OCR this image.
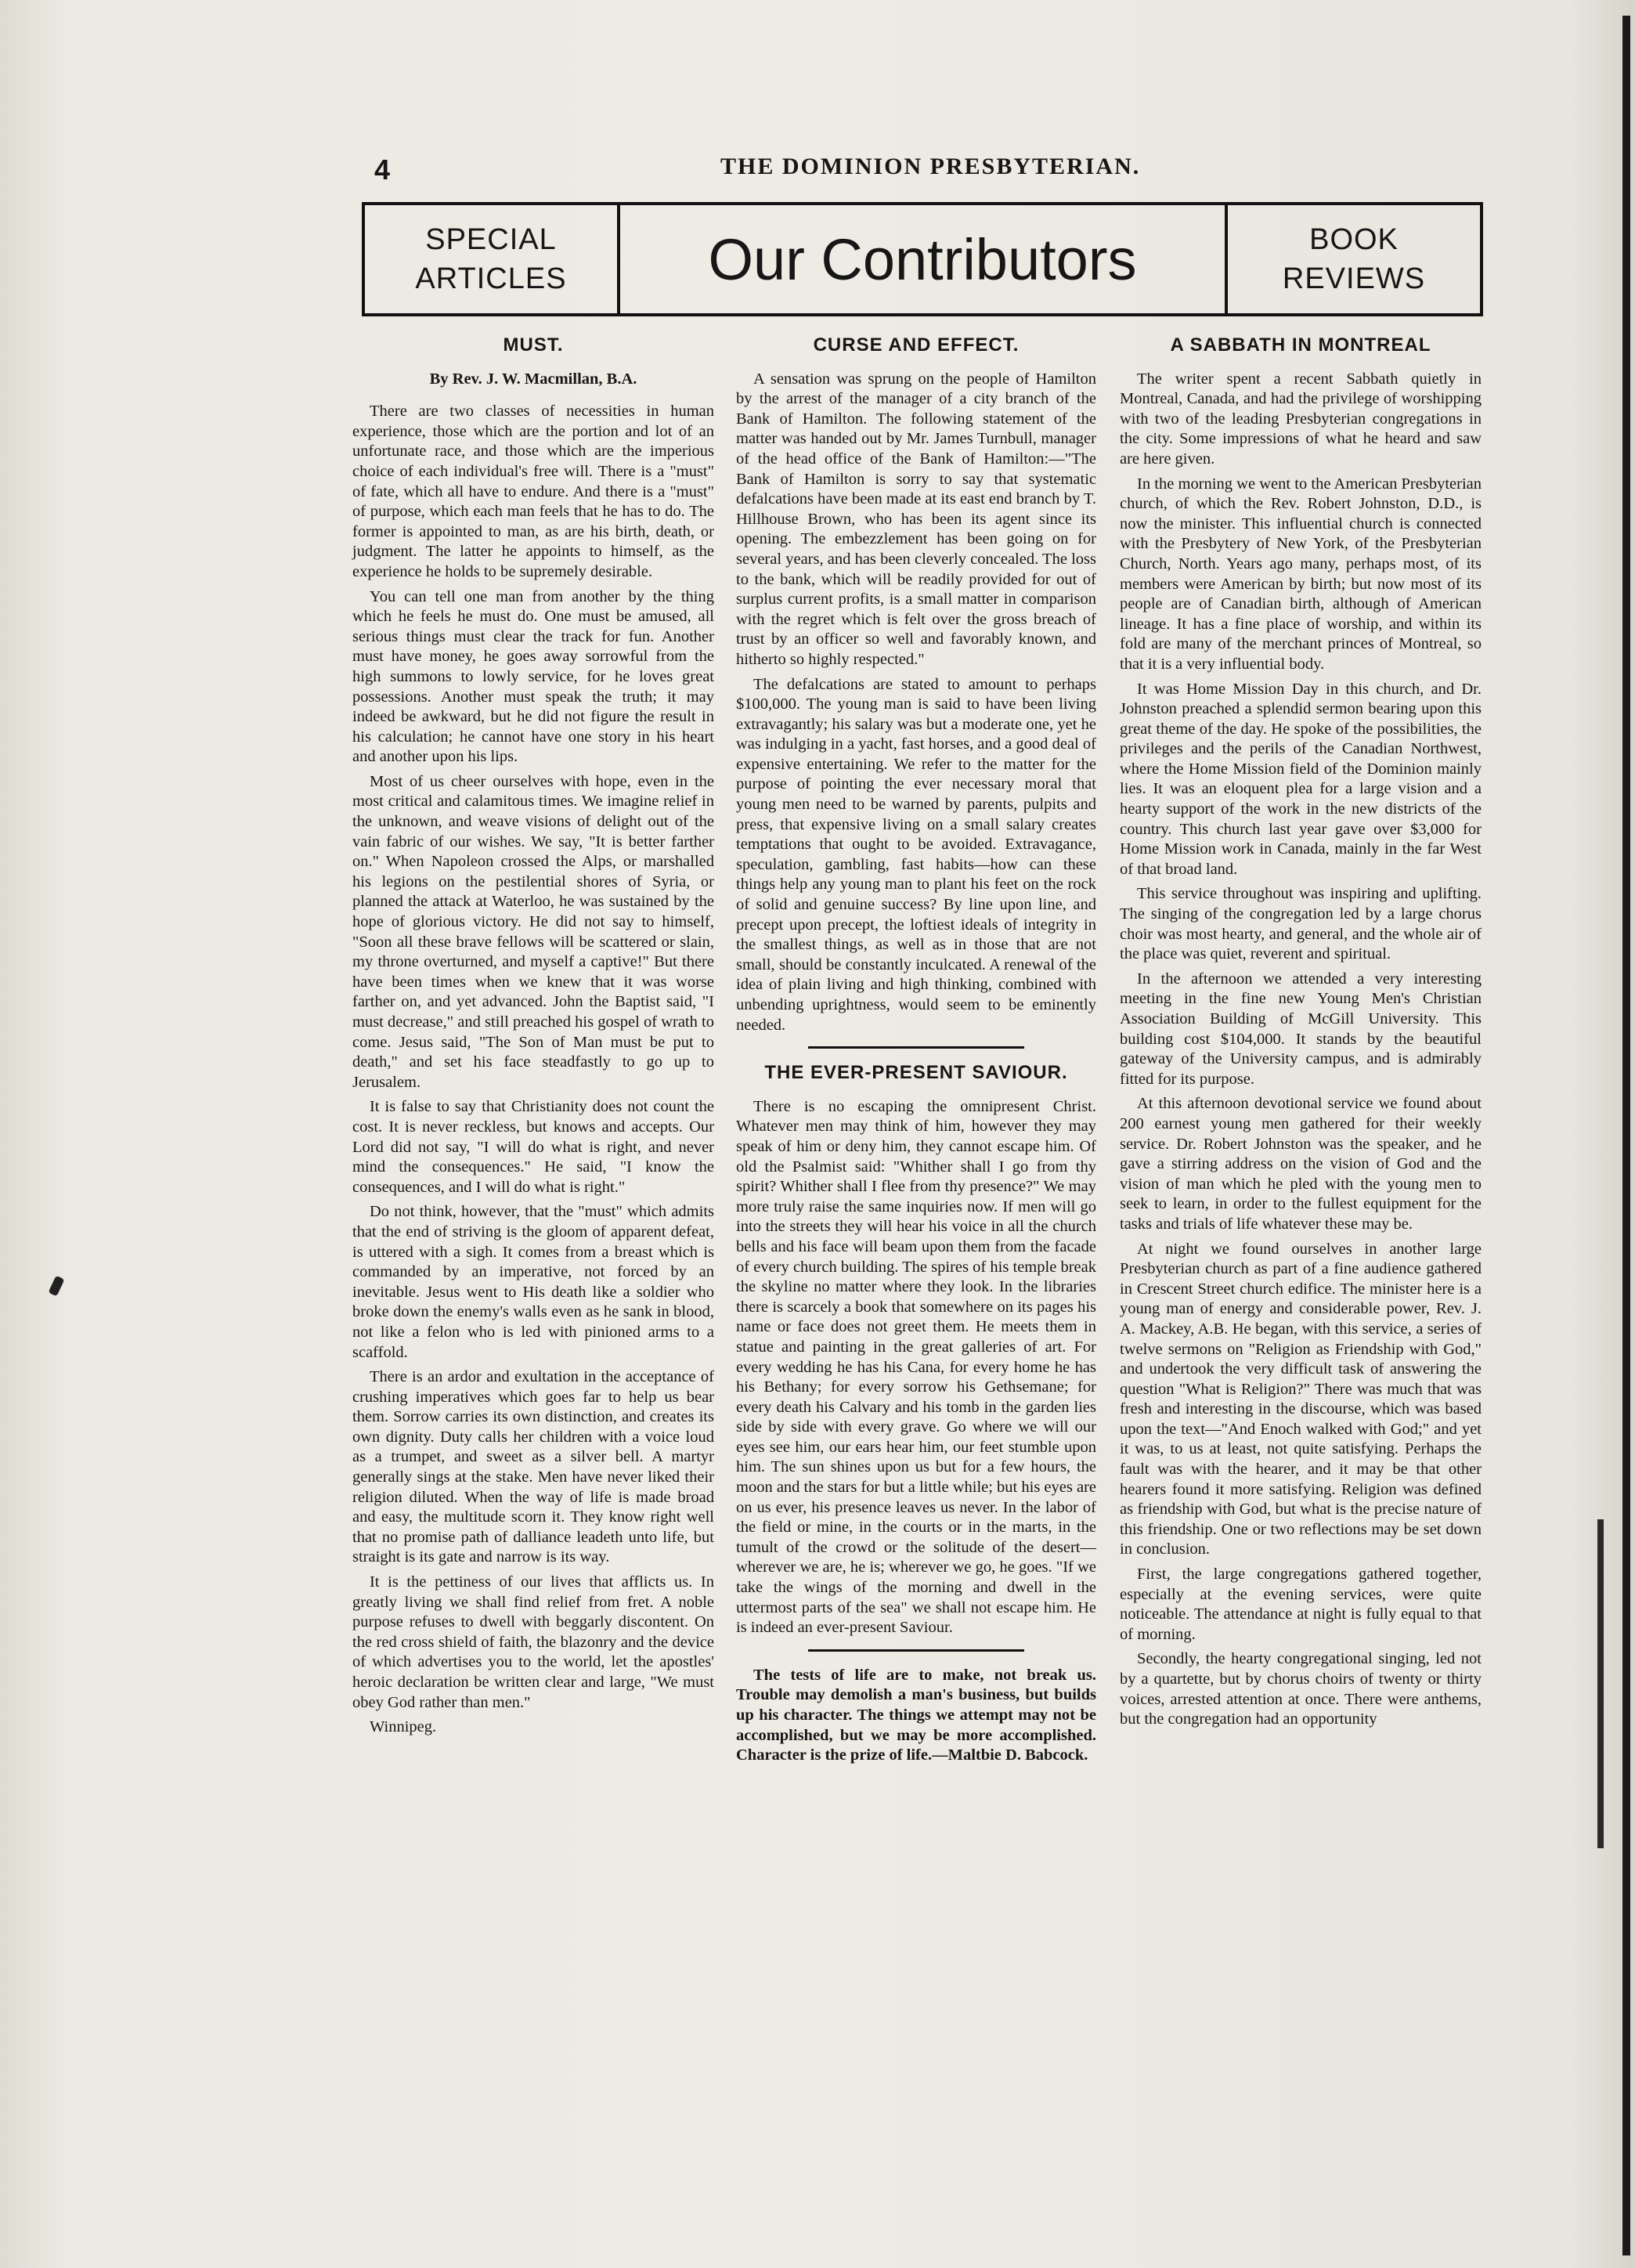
4	THE DOMINION PRESBYTERIAN.
SPECIAL
ARTICLES	Our Contributors	BOOK
REVIEWS
MUST.
By Rev. J. W. Macmillan, B.A.

There are two classes of necessities in human experience, those which are the portion and lot of an unfortunate race, and those which are the imperious choice of each individual's free will. There is a "must" of fate, which all have to endure. And there is a "must" of purpose, which each man feels that he has to do. The former is appointed to man, as are his birth, death, or judgment. The latter he appoints to himself, as the experience he holds to be supremely desirable.

You can tell one man from another by the thing which he feels he must do. One must be amused, all serious things must clear the track for fun. Another must have money, he goes away sorrowful from the high summons to lowly service, for he loves great possessions. Another must speak the truth; it may indeed be awkward, but he did not figure the result in his calculation; he cannot have one story in his heart and another upon his lips.

Most of us cheer ourselves with hope, even in the most critical and calamitous times. We imagine relief in the unknown, and weave visions of delight out of the vain fabric of our wishes. We say, "It is better farther on." When Napoleon crossed the Alps, or marshalled his legions on the pestilential shores of Syria, or planned the attack at Waterloo, he was sustained by the hope of glorious victory. He did not say to himself, "Soon all these brave fellows will be scattered or slain, my throne overturned, and myself a captive!" But there have been times when we knew that it was worse farther on, and yet advanced. John the Baptist said, "I must decrease," and still preached his gospel of wrath to come. Jesus said, "The Son of Man must be put to death," and set his face steadfastly to go up to Jerusalem.

It is false to say that Christianity does not count the cost. It is never reckless, but knows and accepts. Our Lord did not say, "I will do what is right, and never mind the consequences." He said, "I know the consequences, and I will do what is right."

Do not think, however, that the "must" which admits that the end of striving is the gloom of apparent defeat, is uttered with a sigh. It comes from a breast which is commanded by an imperative, not forced by an inevitable. Jesus went to His death like a soldier who broke down the enemy's walls even as he sank in blood, not like a felon who is led with pinioned arms to a scaffold.

There is an ardor and exultation in the acceptance of crushing imperatives which goes far to help us bear them. Sorrow carries its own distinction, and creates its own dignity. Duty calls her children with a voice loud as a trumpet, and sweet as a silver bell. A martyr generally sings at the stake. Men have never liked their religion diluted. When the way of life is made broad and easy, the multitude scorn it. They know right well that no promise path of dalliance leadeth unto life, but straight is its gate and narrow is its way.

It is the pettiness of our lives that afflicts us. In greatly living we shall find relief from fret. A noble purpose refuses to dwell with beggarly discontent. On the red cross shield of faith, the blazonry and the device of which advertises you to the world, let the apostles' heroic declaration be written clear and large, "We must obey God rather than men."

Winnipeg.

CURSE AND EFFECT.

A sensation was sprung on the people of Hamilton by the arrest of the manager of a city branch of the Bank of Hamilton. The following statement of the matter was handed out by Mr. James Turnbull, manager of the head office of the Bank of Hamilton:—"The Bank of Hamilton is sorry to say that systematic defalcations have been made at its east end branch by T. Hillhouse Brown, who has been its agent since its opening. The embezzlement has been going on for several years, and has been cleverly concealed. The loss to the bank, which will be readily provided for out of surplus current profits, is a small matter in comparison with the regret which is felt over the gross breach of trust by an officer so well and favorably known, and hitherto so highly respected."

The defalcations are stated to amount to perhaps $100,000. The young man is said to have been living extravagantly; his salary was but a moderate one, yet he was indulging in a yacht, fast horses, and a good deal of expensive entertaining. We refer to the matter for the purpose of pointing the ever necessary moral that young men need to be warned by parents, pulpits and press, that expensive living on a small salary creates temptations that ought to be avoided. Extravagance, speculation, gambling, fast habits—how can these things help any young man to plant his feet on the rock of solid and genuine success? By line upon line, and precept upon precept, the loftiest ideals of integrity in the smallest things, as well as in those that are not small, should be constantly inculcated. A renewal of the idea of plain living and high thinking, combined with unbending uprightness, would seem to be eminently needed.

THE EVER-PRESENT SAVIOUR.

There is no escaping the omnipresent Christ. Whatever men may think of him, however they may speak of him or deny him, they cannot escape him. Of old the Psalmist said: "Whither shall I go from thy spirit? Whither shall I flee from thy presence?" We may more truly raise the same inquiries now. If men will go into the streets they will hear his voice in all the church bells and his face will beam upon them from the facade of every church building. The spires of his temple break the skyline no matter where they look. In the libraries there is scarcely a book that somewhere on its pages his name or face does not greet them. He meets them in statue and painting in the great galleries of art. For every wedding he has his Cana, for every home he has his Bethany; for every sorrow his Gethsemane; for every death his Calvary and his tomb in the garden lies side by side with every grave. Go where we will our eyes see him, our ears hear him, our feet stumble upon him. The sun shines upon us but for a few hours, the moon and the stars for but a little while; but his eyes are on us ever, his presence leaves us never. In the labor of the field or mine, in the courts or in the marts, in the tumult of the crowd or the solitude of the desert—wherever we are, he is; wherever we go, he goes. "If we take the wings of the morning and dwell in the uttermost parts of the sea" we shall not escape him. He is indeed an ever-present Saviour.

The tests of life are to make, not break us. Trouble may demolish a man's business, but builds up his character. The things we attempt may not be accomplished, but we may be more accomplished. Character is the prize of life.—Maltbie D. Babcock.

A SABBATH IN MONTREAL

The writer spent a recent Sabbath quietly in Montreal, Canada, and had the privilege of worshipping with two of the leading Presbyterian congregations in the city. Some impressions of what he heard and saw are here given.

In the morning we went to the American Presbyterian church, of which the Rev. Robert Johnston, D.D., is now the minister. This influential church is connected with the Presbytery of New York, of the Presbyterian Church, North. Years ago many, perhaps most, of its members were American by birth; but now most of its people are of Canadian birth, although of American lineage. It has a fine place of worship, and within its fold are many of the merchant princes of Montreal, so that it is a very influential body.

It was Home Mission Day in this church, and Dr. Johnston preached a splendid sermon bearing upon this great theme of the day. He spoke of the possibilities, the privileges and the perils of the Canadian Northwest, where the Home Mission field of the Dominion mainly lies. It was an eloquent plea for a large vision and a hearty support of the work in the new districts of the country. This church last year gave over $3,000 for Home Mission work in Canada, mainly in the far West of that broad land.

This service throughout was inspiring and uplifting. The singing of the congregation led by a large chorus choir was most hearty, and general, and the whole air of the place was quiet, reverent and spiritual.

In the afternoon we attended a very interesting meeting in the fine new Young Men's Christian Association Building of McGill University. This building cost $104,000. It stands by the beautiful gateway of the University campus, and is admirably fitted for its purpose.

At this afternoon devotional service we found about 200 earnest young men gathered for their weekly service. Dr. Robert Johnston was the speaker, and he gave a stirring address on the vision of God and the vision of man which he pled with the young men to seek to learn, in order to the fullest equipment for the tasks and trials of life whatever these may be.

At night we found ourselves in another large Presbyterian church as part of a fine audience gathered in Crescent Street church edifice. The minister here is a young man of energy and considerable power, Rev. J. A. Mackey, A.B. He began, with this service, a series of twelve sermons on "Religion as Friendship with God," and undertook the very difficult task of answering the question "What is Religion?" There was much that was fresh and interesting in the discourse, which was based upon the text—"And Enoch walked with God;" and yet it was, to us at least, not quite satisfying. Perhaps the fault was with the hearer, and it may be that other hearers found it more satisfying. Religion was defined as friendship with God, but what is the precise nature of this friendship. One or two reflections may be set down in conclusion.

First, the large congregations gathered together, especially at the evening services, were quite noticeable. The attendance at night is fully equal to that of morning.

Secondly, the hearty congregational singing, led not by a quartette, but by chorus choirs of twenty or thirty voices, arrested attention at once. There were anthems, but the congregation had an opportunity
